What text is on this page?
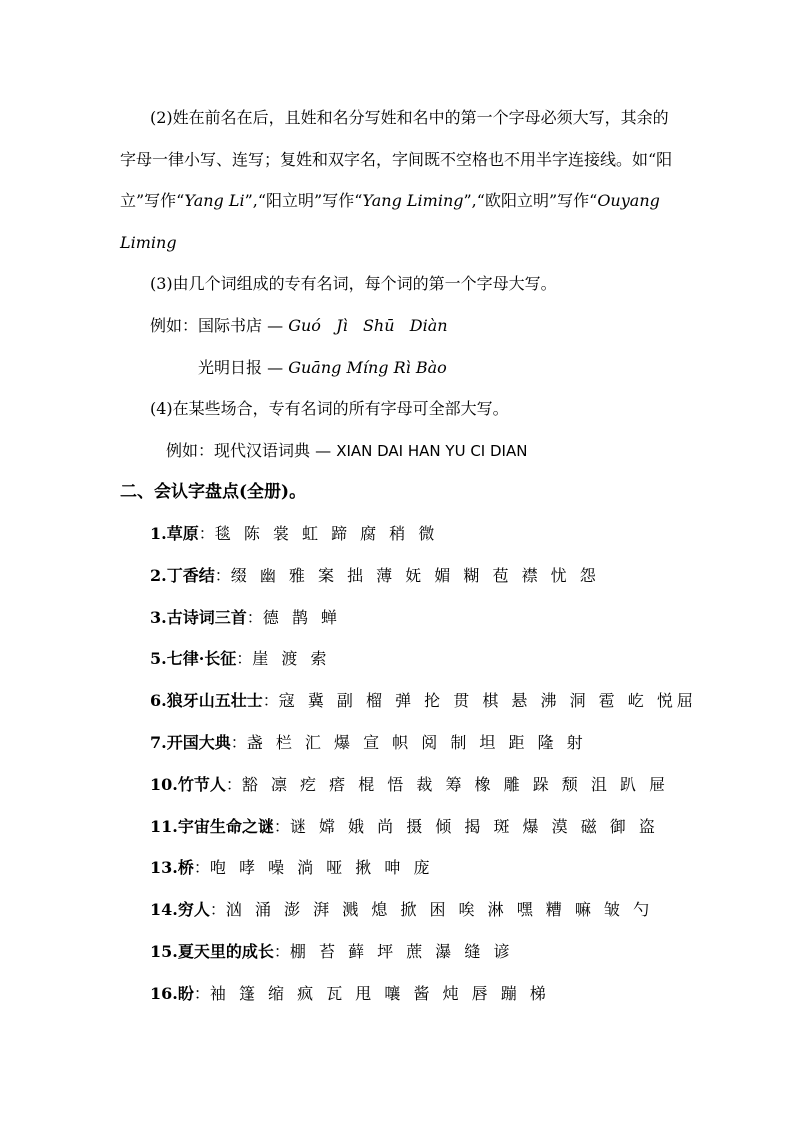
(2)姓在前名在后，且姓和名分写姓和名中的第一个字母必须大写，其余的
字母一律小写、连写；复姓和双字名，字间既不空格也不用半字连接线。如“阳
立”写作“Yang Li”,“阳立明”写作“Yang Liming”,“欧阳立明”写作“Ouyang
Liming
(3)由几个词组成的专有名词，每个词的第一个字母大写。
例如：国际书店 — Guó   Jì   Shū   Diàn
光明日报 — Guāng Míng Rì Bào
(4)在某些场合，专有名词的所有字母可全部大写。
例如：现代汉语词典 — XIAN DAI HAN YU CI DIAN
二、会认字盘点(全册)。
1.草原：毯 陈 裳 虹 蹄 腐 稍 微
2.丁香结：缀 幽 雅 案 拙 薄 妩 媚 糊 苞 襟 忧 怨
3.古诗词三首：德 鹊 蝉
5.七律·长征：崖 渡 索
6.狼牙山五壮士：寇 冀 副 榴 弹 抡 贯 棋 悬 沸 洞 雹 屹 悦屈
7.开国大典：盏 栏 汇 爆 宣 帜 阅 制 坦 距 隆 射
10.竹节人：豁 凛 疙 瘩 棍 悟 裁 筹 橡 雕 跺 颓 沮 趴 屉
11.宇宙生命之谜：谜 嫦 娥 尚 摄 倾 揭 斑 爆 漠 磁 御 盗
13.桥：咆 哮 噪 淌 哑 揪 呻 庞
14.穷人：汹 涌 澎 湃 溅 熄 掀 困 唉 淋 嘿 糟 嘛 皱 勺
15.夏天里的成长：棚 苔 藓 坪 蔗 瀑 缝 谚
16.盼：袖 篷 缩 疯 瓦 甩 嚷 酱 炖 唇 蹦 梯
